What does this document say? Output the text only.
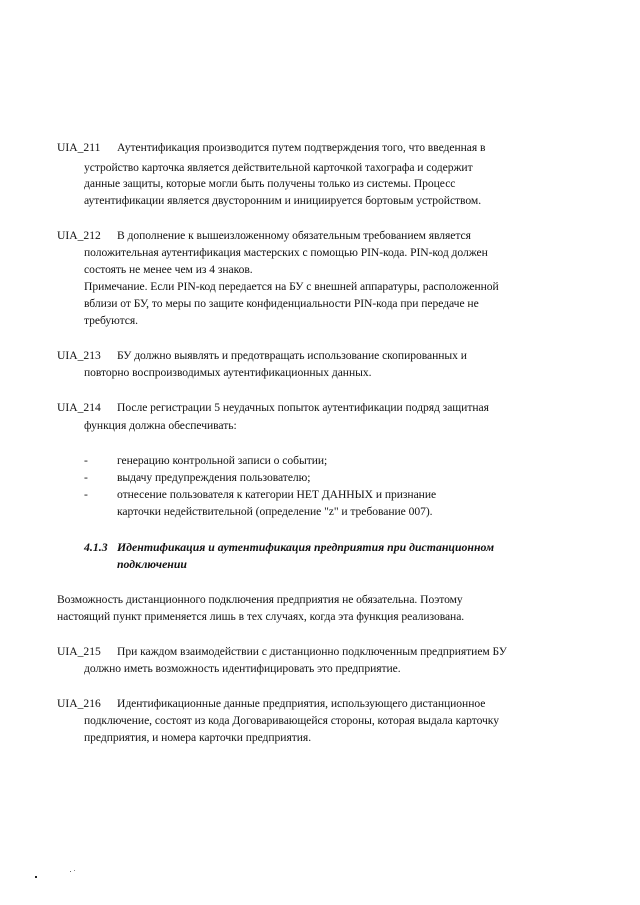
UIA_211 Аутентификация производится путем подтверждения того, что введенная в
устройство карточка является действительной карточкой тахографа и содержит
данные защиты, которые могли быть получены только из системы. Процесс
аутентификации является двусторонним и инициируется бортовым устройством.
UIA_212 В дополнение к вышеизложенному обязательным требованием является
положительная аутентификация мастерских с помощью PIN-кода. PIN-код должен
состоять не менее чем из 4 знаков.
Примечание. Если PIN-код передается на БУ с внешней аппаратуры, расположенной
вблизи от БУ, то меры по защите конфиденциальности PIN-кода при передаче не
требуются.
UIA_213 БУ должно выявлять и предотвращать использование скопированных и
повторно воспроизводимых аутентификационных данных.
UIA_214 После регистрации 5 неудачных попыток аутентификации подряд защитная
функция должна обеспечивать:
-	генерацию контрольной записи о событии;
-	выдачу предупреждения пользователю;
-	отнесение пользователя к категории НЕТ ДАННЫХ и признание
карточки недействительной (определение "z" и требование 007).
4.1.3 Идентификация и аутентификация предприятия при дистанционном
подключении
Возможность дистанционного подключения предприятия не обязательна. Поэтому
настоящий пункт применяется лишь в тех случаях, когда эта функция реализована.
UIA_215 При каждом взаимодействии с дистанционно подключенным предприятием БУ
должно иметь возможность идентифицировать это предприятие.
UIA_216 Идентификационные данные предприятия, использующего дистанционное
подключение, состоят из кода Договаривающейся стороны, которая выдала карточку
предприятия, и номера карточки предприятия.
